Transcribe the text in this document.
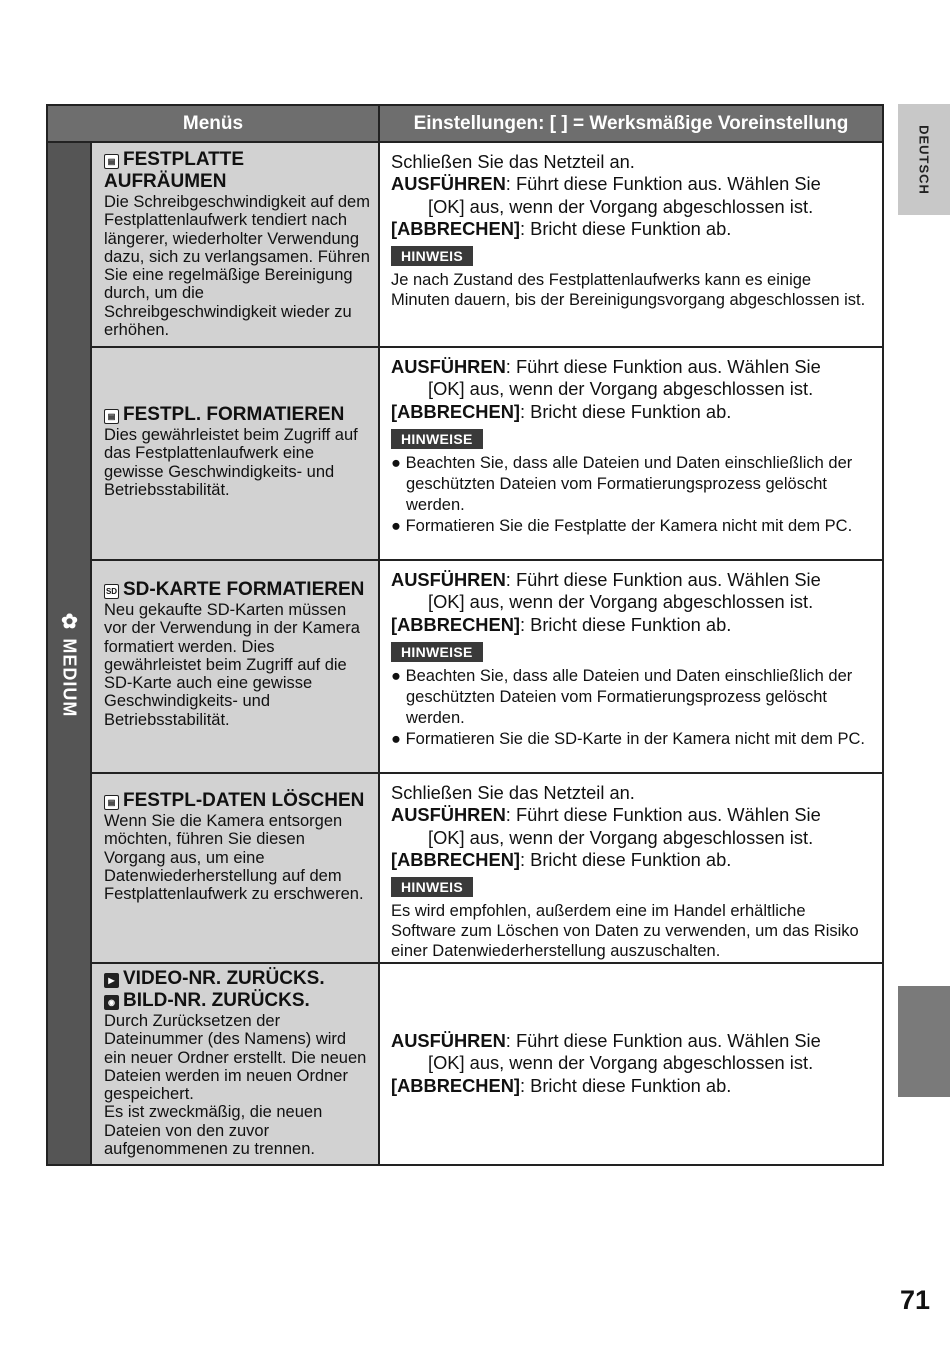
DEUTSCH
Menüs	Einstellungen: [ ] = Werksmäßige Voreinstellung
✿MEDIUM
▤ FESTPLATTE AUFRÄUMEN
Die Schreibgeschwindigkeit auf dem Festplattenlaufwerk tendiert nach längerer, wiederholter Verwendung dazu, sich zu verlangsamen. Führen Sie eine regelmäßige Bereinigung durch, um die Schreibgeschwindigkeit wieder zu erhöhen.
Schließen Sie das Netzteil an.
AUSFÜHREN: Führt diese Funktion aus. Wählen Sie
[OK] aus, wenn der Vorgang abgeschlossen ist.
[ABBRECHEN]: Bricht diese Funktion ab.
HINWEIS
Je nach Zustand des Festplattenlaufwerks kann es einige Minuten dauern, bis der Bereinigungsvorgang abgeschlossen ist.
▤ FESTPL. FORMATIEREN
Dies gewährleistet beim Zugriff auf das Festplattenlaufwerk eine gewisse Geschwindigkeits- und Betriebsstabilität.
AUSFÜHREN: Führt diese Funktion aus. Wählen Sie
[OK] aus, wenn der Vorgang abgeschlossen ist.
[ABBRECHEN]: Bricht diese Funktion ab.
HINWEISE
● Beachten Sie, dass alle Dateien und Daten einschließlich der geschützten Dateien vom Formatierungsprozess gelöscht werden.
● Formatieren Sie die Festplatte der Kamera nicht mit dem PC.
SD SD-KARTE FORMATIEREN
Neu gekaufte SD-Karten müssen vor der Verwendung in der Kamera formatiert werden. Dies gewährleistet beim Zugriff auf die SD-Karte auch eine gewisse Geschwindigkeits- und Betriebsstabilität.
AUSFÜHREN: Führt diese Funktion aus. Wählen Sie
[OK] aus, wenn der Vorgang abgeschlossen ist.
[ABBRECHEN]: Bricht diese Funktion ab.
HINWEISE
● Beachten Sie, dass alle Dateien und Daten einschließlich der geschützten Dateien vom Formatierungsprozess gelöscht werden.
● Formatieren Sie die SD-Karte in der Kamera nicht mit dem PC.
▤ FESTPL-DATEN LÖSCHEN
Wenn Sie die Kamera entsorgen möchten, führen Sie diesen Vorgang aus, um eine Datenwiederherstellung auf dem Festplattenlaufwerk zu erschweren.
Schließen Sie das Netzteil an.
AUSFÜHREN: Führt diese Funktion aus. Wählen Sie
[OK] aus, wenn der Vorgang abgeschlossen ist.
[ABBRECHEN]: Bricht diese Funktion ab.
HINWEIS
Es wird empfohlen, außerdem eine im Handel erhältliche Software zum Löschen von Daten zu verwenden, um das Risiko einer Datenwiederherstellung auszuschalten.
▶ VIDEO-NR. ZURÜCKS.
◉ BILD-NR. ZURÜCKS.
Durch Zurücksetzen der Dateinummer (des Namens) wird ein neuer Ordner erstellt. Die neuen Dateien werden im neuen Ordner gespeichert.
Es ist zweckmäßig, die neuen Dateien von den zuvor aufgenommenen zu trennen.
AUSFÜHREN: Führt diese Funktion aus. Wählen Sie
[OK] aus, wenn der Vorgang abgeschlossen ist.
[ABBRECHEN]: Bricht diese Funktion ab.
71
